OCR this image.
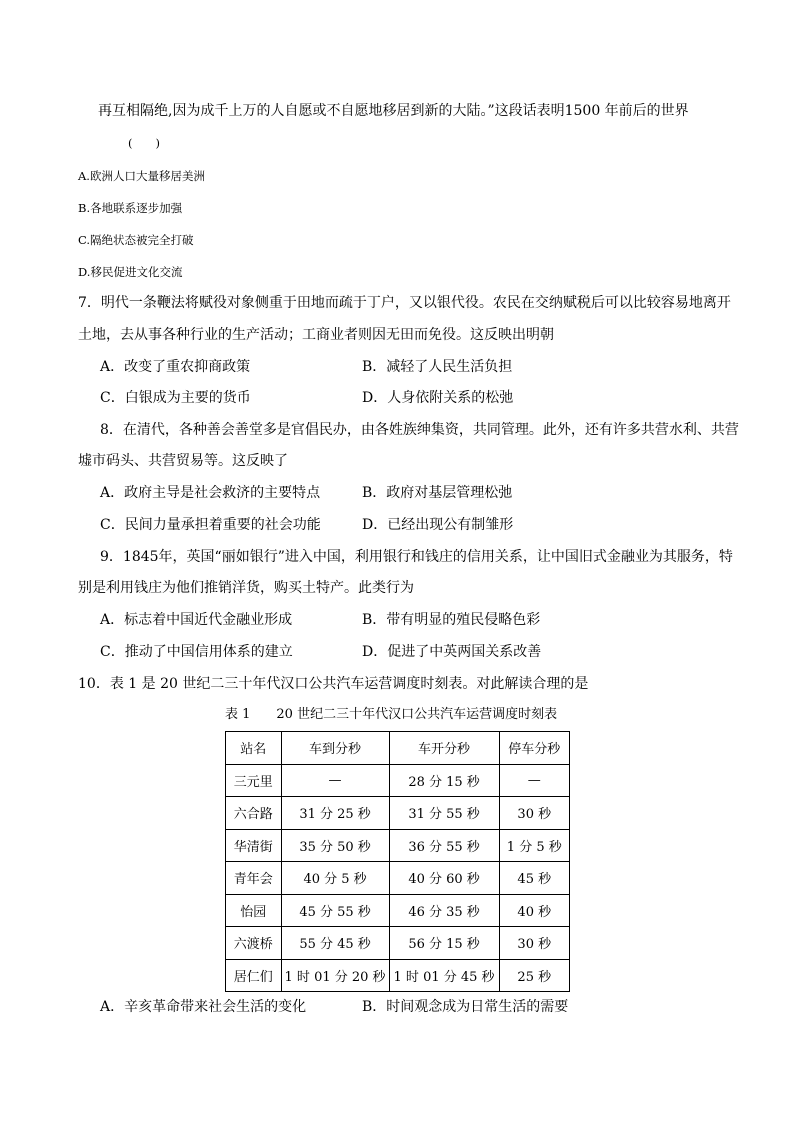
再互相隔绝,因为成千上万的人自愿或不自愿地移居到新的大陆。”这段话表明1500 年前后的世界
(　　)
A.欧洲人口大量移居美洲
B.各地联系逐步加强
C.隔绝状态被完全打破
D.移民促进文化交流
7．明代一条鞭法将赋役对象侧重于田地而疏于丁户，又以银代役。农民在交纳赋税后可以比较容易地离开
土地，去从事各种行业的生产活动；工商业者则因无田而免役。这反映出明朝
A．改变了重农抑商政策	B．减轻了人民生活负担
C．白银成为主要的货币	D．人身依附关系的松弛
8．在清代，各种善会善堂多是官倡民办，由各姓族绅集资，共同管理。此外，还有许多共营水利、共营
墟市码头、共营贸易等。这反映了
A．政府主导是社会救济的主要特点	B．政府对基层管理松弛
C．民间力量承担着重要的社会功能	D．已经出现公有制雏形
9．1845年，英国“丽如银行”进入中国，利用银行和钱庄的信用关系，让中国旧式金融业为其服务，特
别是利用钱庄为他们推销洋货，购买土特产。此类行为
A．标志着中国近代金融业形成	B．带有明显的殖民侵略色彩
C．推动了中国信用体系的建立	D．促进了中英两国关系改善
10．表 1 是 20 世纪二三十年代汉口公共汽车运营调度时刻表。对此解读合理的是
表 1　　20 世纪二三十年代汉口公共汽车运营调度时刻表
站名	车到分秒	车开分秒	停车分秒
三元里	—	28 分 15 秒	—
六合路	31 分 25 秒	31 分 55 秒	30 秒
华清街	35 分 50 秒	36 分 55 秒	1 分 5 秒
青年会	40 分 5 秒	40 分 60 秒	45 秒
怡园	45 分 55 秒	46 分 35 秒	40 秒
六渡桥	55 分 45 秒	56 分 15 秒	30 秒
居仁们	1 时 01 分 20 秒	1 时 01 分 45 秒	25 秒
A．辛亥革命带来社会生活的变化	B．时间观念成为日常生活的需要
